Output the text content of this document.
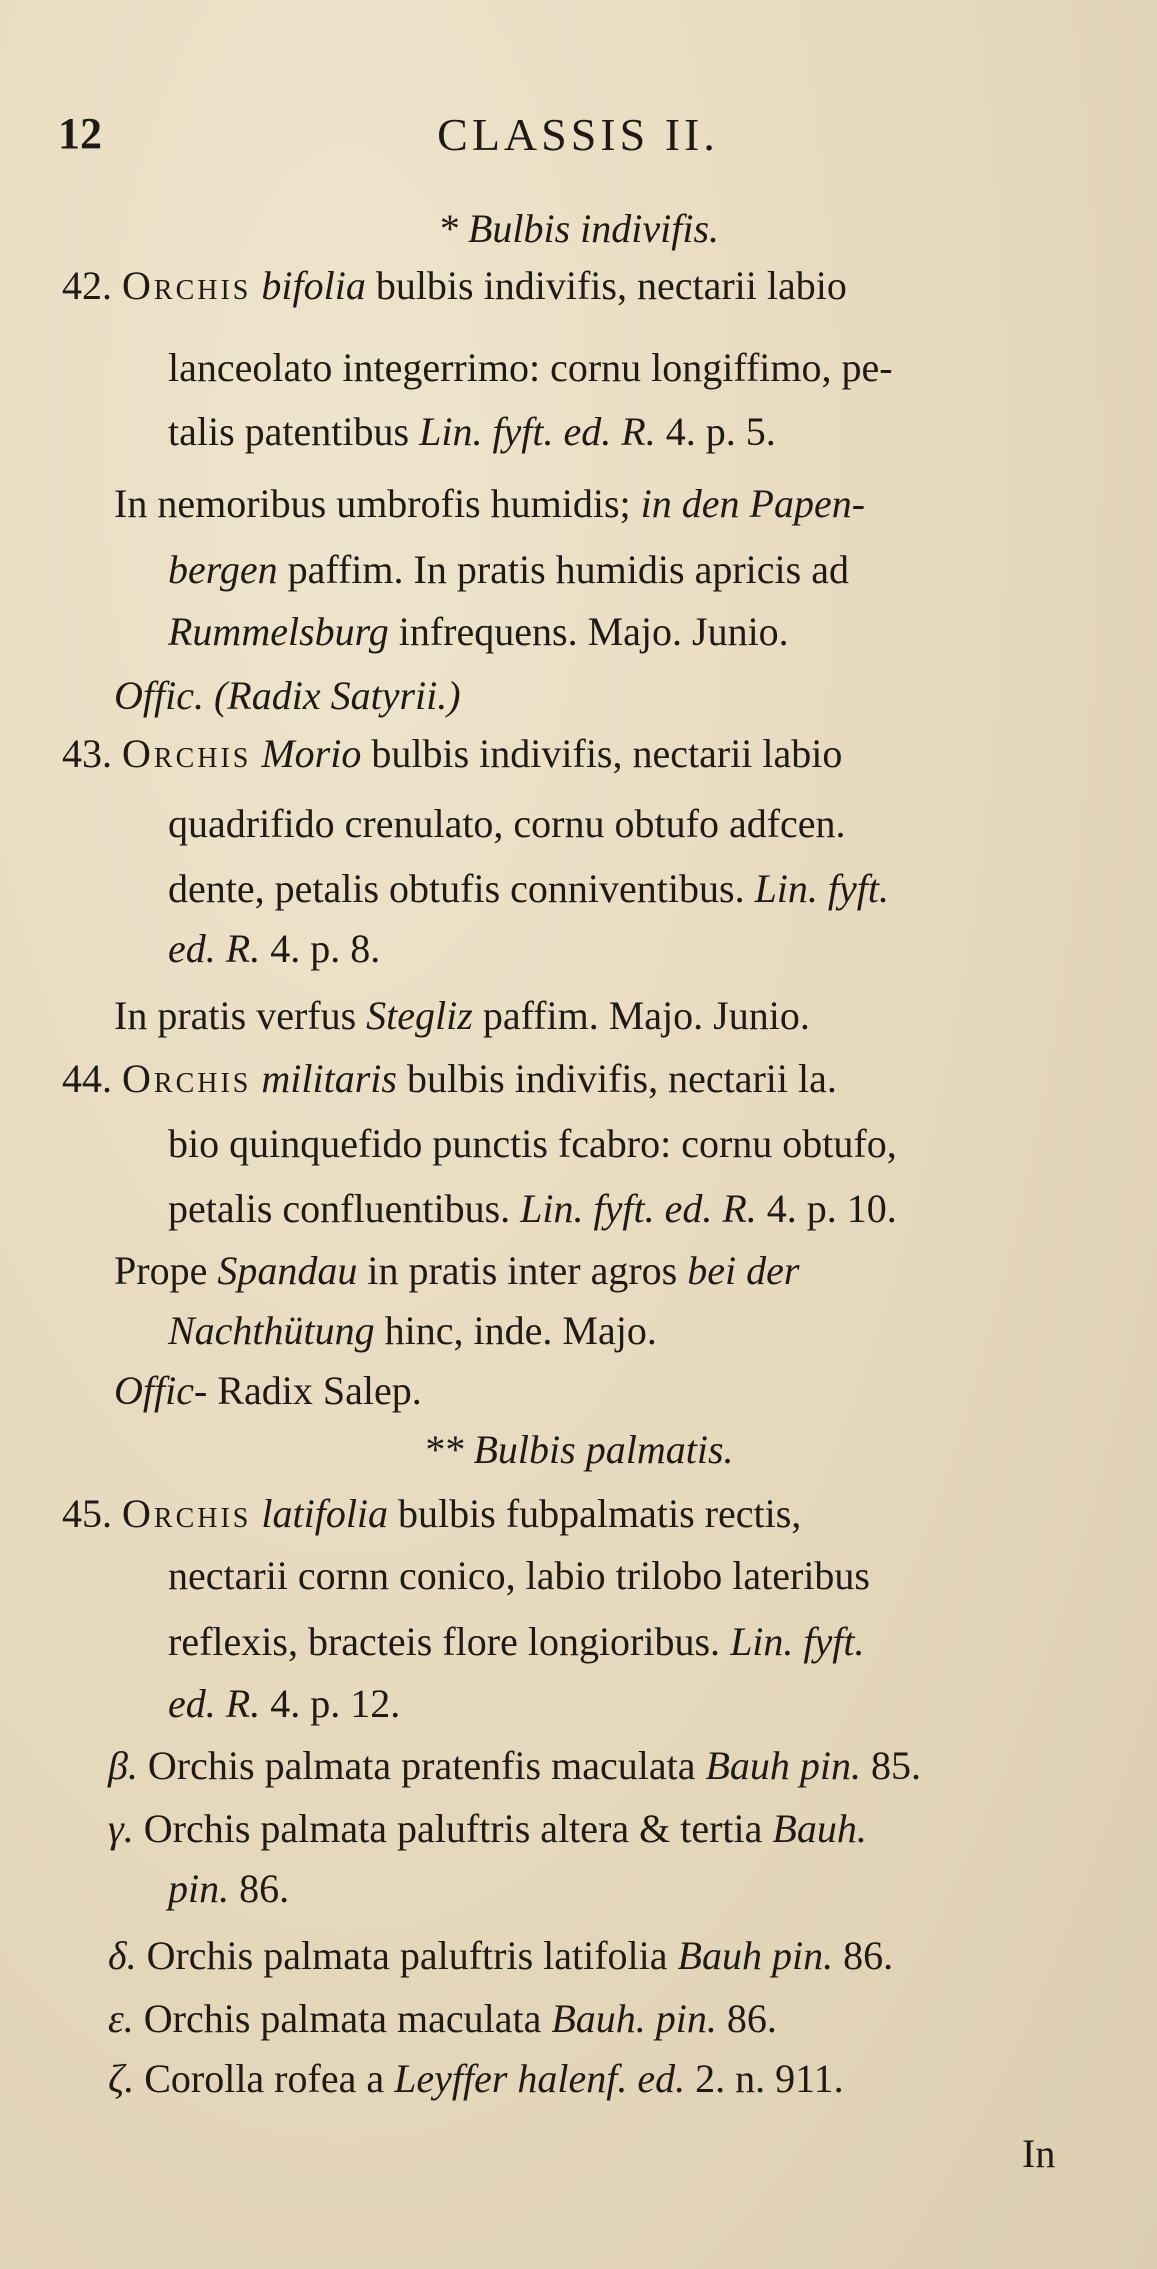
12	CLASSIS II.
* Bulbis indivifis.
42. Orchis bifolia bulbis indivifis, nectarii labio
lanceolato integerrimo: cornu longiffimo, pe-
talis patentibus Lin. fyft. ed. R. 4. p. 5.
In nemoribus umbrofis humidis; in den Papen-
bergen paffim. In pratis humidis apricis ad
Rummelsburg infrequens. Majo. Junio.
Offic. (Radix Satyrii.)
43. Orchis Morio bulbis indivifis, nectarii labio
quadrifido crenulato, cornu obtufo adfcen.
dente, petalis obtufis conniventibus. Lin. fyft.
ed. R. 4. p. 8.
In pratis verfus Stegliz paffim. Majo. Junio.
44. Orchis militaris bulbis indivifis, nectarii la.
bio quinquefido punctis fcabro: cornu obtufo,
petalis confluentibus. Lin. fyft. ed. R. 4. p. 10.
Prope Spandau in pratis inter agros bei der
Nachthütung hinc, inde. Majo.
Offic- Radix Salep.
** Bulbis palmatis.
45. Orchis latifolia bulbis fubpalmatis rectis,
nectarii cornn conico, labio trilobo lateribus
reflexis, bracteis flore longioribus. Lin. fyft.
ed. R. 4. p. 12.
β. Orchis palmata pratenfis maculata Bauh pin. 85.
γ. Orchis palmata paluftris altera & tertia Bauh.
pin. 86.
δ. Orchis palmata paluftris latifolia Bauh pin. 86.
ε. Orchis palmata maculata Bauh. pin. 86.
ζ. Corolla rofea a Leyffer halenf. ed. 2. n. 911.
In
